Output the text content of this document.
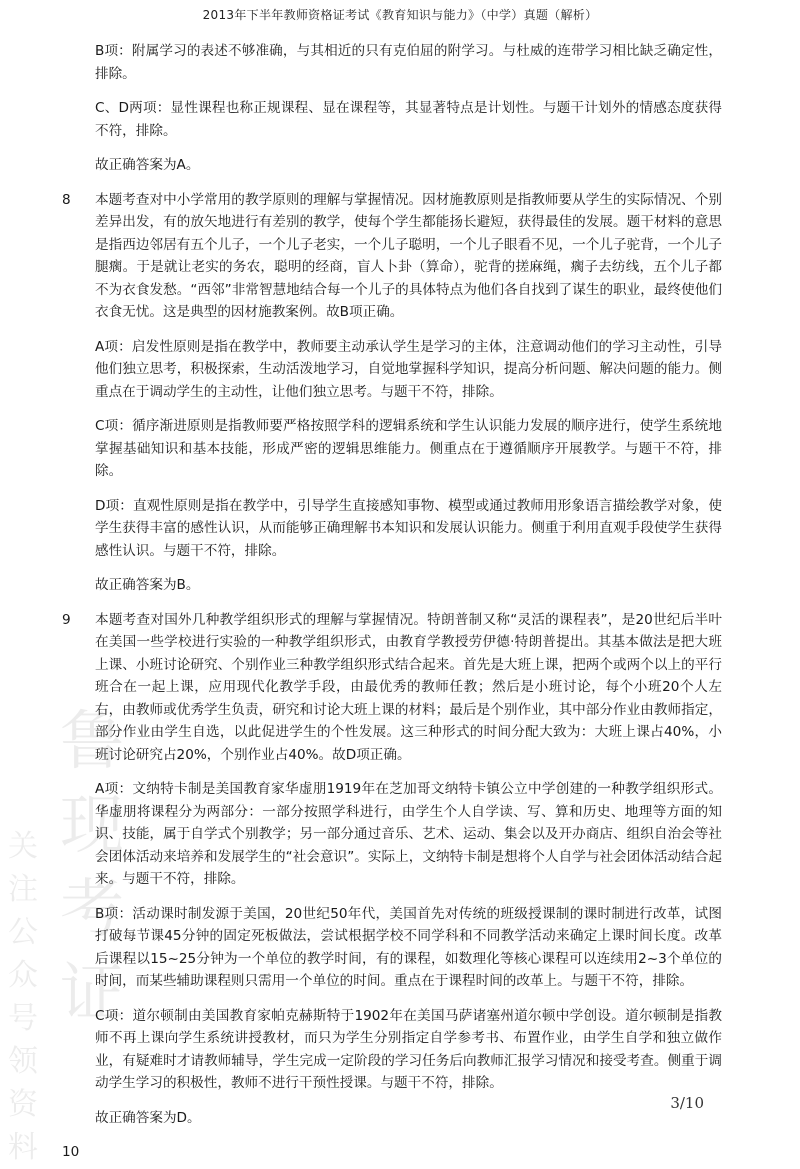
2013年下半年教师资格证考试《教育知识与能力》（中学）真题（解析）
鲁现考证
关注公众号领资料

B项：附属学习的表述不够准确，与其相近的只有克伯屈的附学习。与杜威的连带学习相比缺乏确定性，排除。

C、D两项：显性课程也称正规课程、显在课程等，其显著特点是计划性。与题干计划外的情感态度获得不符，排除。

故正确答案为A。

8	本题考查对中小学常用的教学原则的理解与掌握情况。因材施教原则是指教师要从学生的实际情况、个别差异出发，有的放矢地进行有差别的教学，使每个学生都能扬长避短，获得最佳的发展。题干材料的意思是指西边邻居有五个儿子，一个儿子老实，一个儿子聪明，一个儿子眼看不见，一个儿子驼背，一个儿子腿瘸。于是就让老实的务农，聪明的经商，盲人卜卦（算命），驼背的搓麻绳，瘸子去纺线，五个儿子都不为衣食发愁。“西邻”非常智慧地结合每一个儿子的具体特点为他们各自找到了谋生的职业，最终使他们衣食无忧。这是典型的因材施教案例。故B项正确。

A项：启发性原则是指在教学中，教师要主动承认学生是学习的主体，注意调动他们的学习主动性，引导他们独立思考，积极探索，生动活泼地学习，自觉地掌握科学知识，提高分析问题、解决问题的能力。侧重点在于调动学生的主动性，让他们独立思考。与题干不符，排除。

C项：循序渐进原则是指教师要严格按照学科的逻辑系统和学生认识能力发展的顺序进行，使学生系统地掌握基础知识和基本技能，形成严密的逻辑思维能力。侧重点在于遵循顺序开展教学。与题干不符，排除。

D项：直观性原则是指在教学中，引导学生直接感知事物、模型或通过教师用形象语言描绘教学对象，使学生获得丰富的感性认识，从而能够正确理解书本知识和发展认识能力。侧重于利用直观手段使学生获得感性认识。与题干不符，排除。

故正确答案为B。

9	本题考查对国外几种教学组织形式的理解与掌握情况。特朗普制又称“灵活的课程表”，是20世纪后半叶在美国一些学校进行实验的一种教学组织形式，由教育学教授劳伊德·特朗普提出。其基本做法是把大班上课、小班讨论研究、个别作业三种教学组织形式结合起来。首先是大班上课，把两个或两个以上的平行班合在一起上课，应用现代化教学手段，由最优秀的教师任教；然后是小班讨论，每个小班20个人左右，由教师或优秀学生负责，研究和讨论大班上课的材料；最后是个别作业，其中部分作业由教师指定，部分作业由学生自选，以此促进学生的个性发展。这三种形式的时间分配大致为：大班上课占40%，小班讨论研究占20%，个别作业占40%。故D项正确。

A项：文纳特卡制是美国教育家华虚朋1919年在芝加哥文纳特卡镇公立中学创建的一种教学组织形式。华虚朋将课程分为两部分：一部分按照学科进行，由学生个人自学读、写、算和历史、地理等方面的知识、技能，属于自学式个别教学；另一部分通过音乐、艺术、运动、集会以及开办商店、组织自治会等社会团体活动来培养和发展学生的“社会意识”。实际上，文纳特卡制是想将个人自学与社会团体活动结合起来。与题干不符，排除。

B项：活动课时制发源于美国，20世纪50年代，美国首先对传统的班级授课制的课时制进行改革，试图打破每节课45分钟的固定死板做法，尝试根据学校不同学科和不同教学活动来确定上课时间长度。改革后课程以15~25分钟为一个单位的教学时间，有的课程，如数理化等核心课程可以连续用2~3个单位的时间，而某些辅助课程则只需用一个单位的时间。重点在于课程时间的改革上。与题干不符，排除。

C项：道尔顿制由美国教育家帕克赫斯特于1902年在美国马萨诸塞州道尔顿中学创设。道尔顿制是指教师不再上课向学生系统讲授教材，而只为学生分别指定自学参考书、布置作业，由学生自学和独立做作业，有疑难时才请教师辅导，学生完成一定阶段的学习任务后向教师汇报学习情况和接受考查。侧重于调动学生学习的积极性，教师不进行干预性授课。与题干不符，排除。

故正确答案为D。

10
3/10
